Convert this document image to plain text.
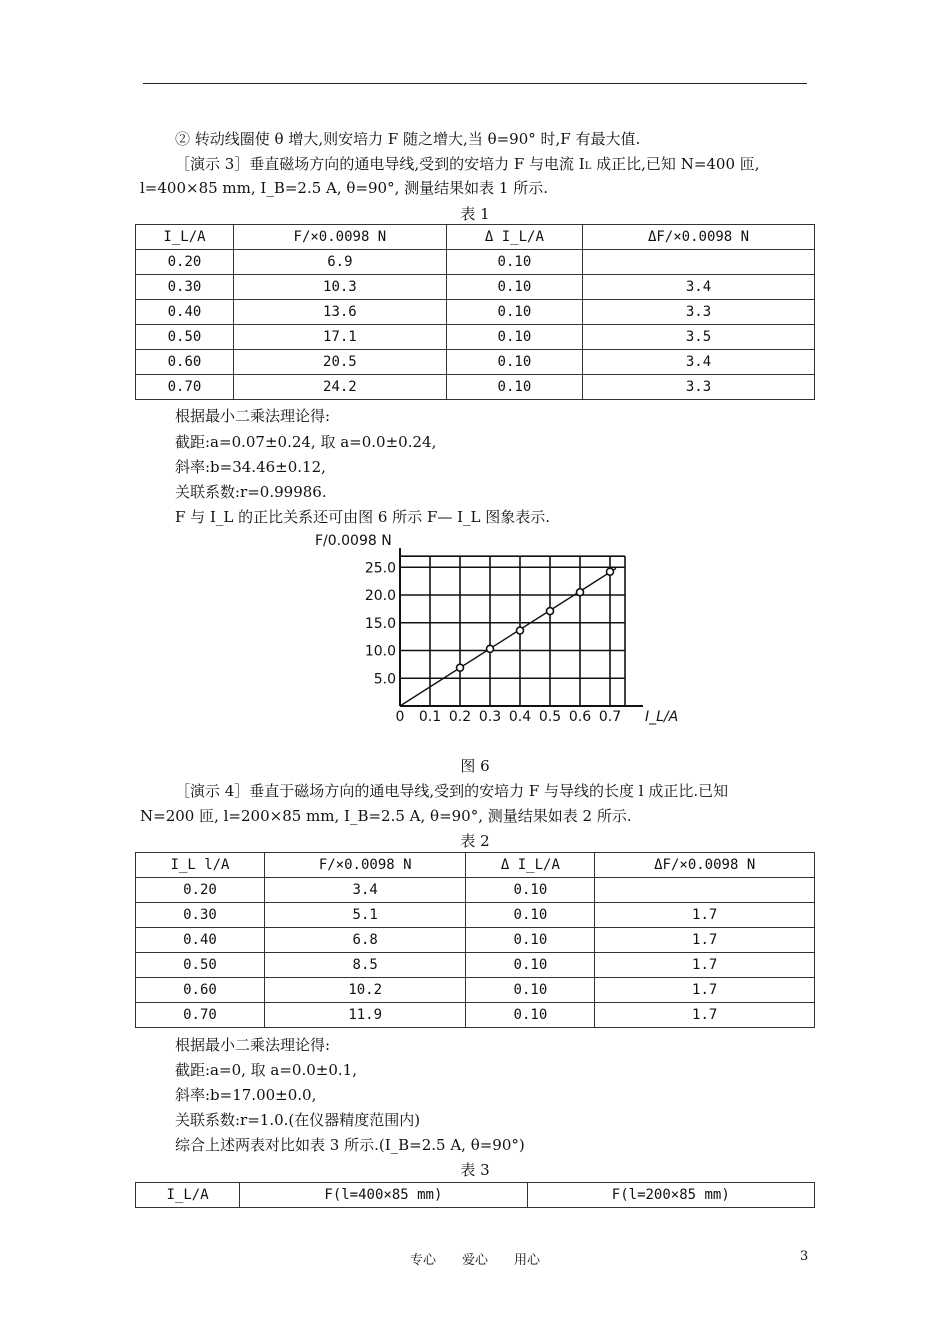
② 转动线圈使 θ 增大,则安培力 F 随之增大,当 θ=90° 时,F 有最大值.
［演示 3］垂直磁场方向的通电导线,受到的安培力 F 与电流 IL 成正比,已知 N=400 匝,
l=400×85 mm, I_B=2.5 A, θ=90°, 测量结果如表 1 所示.
表 1
I_L/A	F/×0.0098 N	Δ I_L/A	ΔF/×0.0098 N
0.20	6.9	0.10	
0.30	10.3	0.10	3.4
0.40	13.6	0.10	3.3
0.50	17.1	0.10	3.5
0.60	20.5	0.10	3.4
0.70	24.2	0.10	3.3
根据最小二乘法理论得:
截距:a=0.07±0.24, 取 a=0.0±0.24,
斜率:b=34.46±0.12,
关联系数:r=0.99986.
F 与 I_L 的正比关系还可由图 6 所示 F— I_L 图象表示.
0 0.1 0.2 0.3 0.4 0.5 0.6 0.7
5.0
10.0
15.0
20.0
25.0
F/0.0098 N
I_L/A
图 6
［演示 4］垂直于磁场方向的通电导线,受到的安培力 F 与导线的长度 l 成正比.已知
N=200 匝, l=200×85 mm, I_B=2.5 A, θ=90°, 测量结果如表 2 所示.
表 2
I_L l/A	F/×0.0098 N	Δ I_L/A	ΔF/×0.0098 N
0.20	3.4	0.10	
0.30	5.1	0.10	1.7
0.40	6.8	0.10	1.7
0.50	8.5	0.10	1.7
0.60	10.2	0.10	1.7
0.70	11.9	0.10	1.7
根据最小二乘法理论得:
截距:a=0, 取 a=0.0±0.1,
斜率:b=17.00±0.0,
关联系数:r=1.0.(在仪器精度范围内)
综合上述两表对比如表 3 所示.(I_B=2.5 A, θ=90°)
表 3
I_L/A	F(l=400×85 mm)	F(l=200×85 mm)
专心　　爱心　　用心	3
